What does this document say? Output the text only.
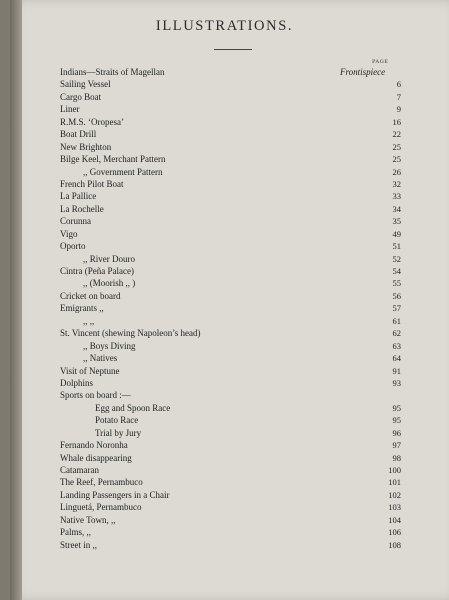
ILLUSTRATIONS.
PAGE
Indians—Straits of Magellan	Frontispiece
Sailing Vessel	6
Cargo Boat	7
Liner	9
R.M.S. ‘Oropesa’	16
Boat Drill	22
New Brighton	25
Bilge Keel, Merchant Pattern	25
,, Government Pattern	26
French Pilot Boat	32
La Pallice	33
La Rochelle	34
Corunna	35
Vigo	49
Oporto	51
,, River Douro	52
Cintra (Peña Palace)	54
,, (Moorish ,, )	55
Cricket on board	56
Emigrants ,,	57
,, ,,	61
St. Vincent (shewing Napoleon’s head)	62
,, Boys Diving	63
,, Natives	64
Visit of Neptune	91
Dolphins	93
Sports on board :—
Egg and Spoon Race	95
Potato Race	95
Trial by Jury	96
Fernando Noronha	97
Whale disappearing	98
Catamaran	100
The Reef, Pernambuco	101
Landing Passengers in a Chair	102
Linguetá, Pernambuco	103
Native Town, ,,	104
Palms, ,,	106
Street in ,,	108
